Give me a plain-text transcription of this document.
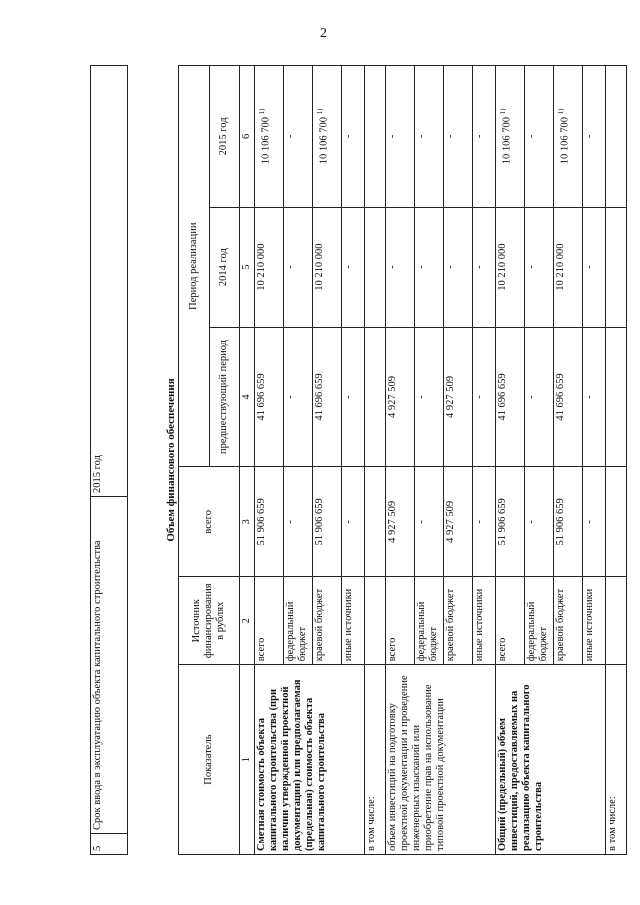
2
5	Срок ввода в эксплуатацию объекта капитального строительства	2015 год	Объем финансового обеспечения					
Показатель	Источник финансирования в рублях	всего	Период реализации		
			предшествующий период	2014 год	2015 год
1	2	3	4	5	6
Сметная стоимость объекта капитального строительства (при наличии утвержденной проектной документации) или предполагаемая (предельная) стоимость объекта капитального строительства	всего	51 906 659	41 696 659	10 210 000	10 106 700 $^{1)}$
	федеральный бюджет	-	-	-	-
	краевой бюджет	51 906 659	41 696 659	10 210 000	10 106 700 $^{1)}$
	иные источники	-	-	-	-
в том числе:					
объем инвестиций на подготовку проектной документации и проведение инженерных изысканий или приобретение прав на использование типовой проектной документации	всего	4 927 509	4 927 509	-	-
	федеральный бюджет	-	-	-	-
	краевой бюджет	4 927 509	4 927 509	-	-
	иные источники	-	-	-	-
Общий (предельный) объем инвестиций, предоставляемых на реализацию объекта капитального строительства	всего	51 906 659	41 696 659	10 210 000	10 106 700 $^{1)}$
	федеральный бюджет	-	-	-	-
	краевой бюджет	51 906 659	41 696 659	10 210 000	10 106 700 $^{1)}$
	иные источники	-	-	-	-
в том числе:					
